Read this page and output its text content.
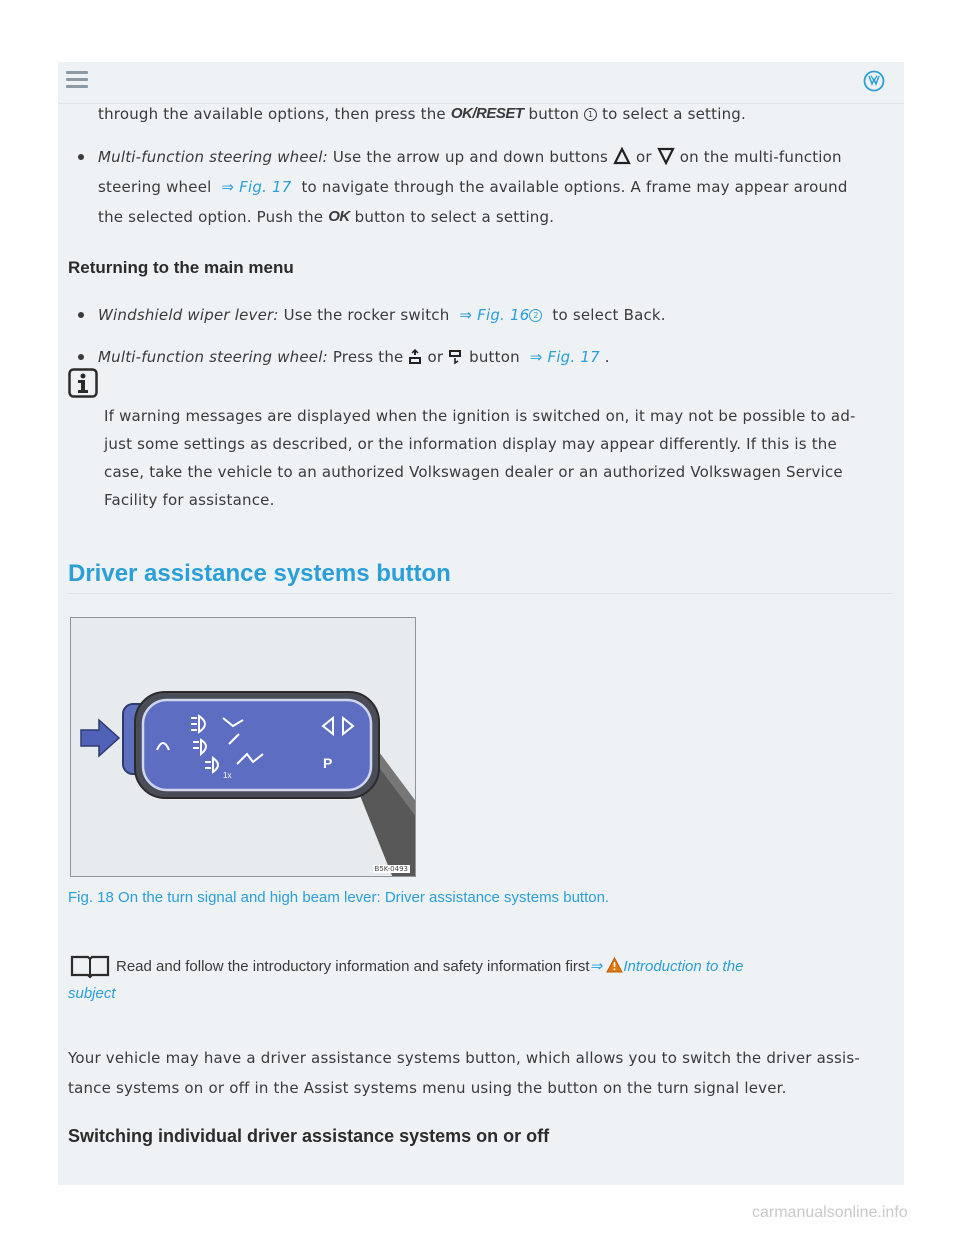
through the available options, then press the OK/RESET button 1 to select a setting.
Multi-function steering wheel: Use the arrow up and down buttons or on the multi-function
steering wheel ⇒ Fig. 17 to navigate through the available options. A frame may appear around
the selected option. Push the OK button to select a setting.
Returning to the main menu
Windshield wiper lever: Use the rocker switch ⇒ Fig. 16 2 to select Back.
Multi-function steering wheel: Press the or button ⇒ Fig. 17 .
If warning messages are displayed when the ignition is switched on, it may not be possible to ad-
just some settings as described, or the information display may appear differently. If this is the
case, take the vehicle to an authorized Volkswagen dealer or an authorized Volkswagen Service
Facility for assistance.
Driver assistance systems button
P
1x
B5K-0493
Fig. 18 On the turn signal and high beam lever: Driver assistance systems button.
Read and follow the introductory information and safety information first⇒ Introduction to the
subject
Your vehicle may have a driver assistance systems button, which allows you to switch the driver assis-
tance systems on or off in the Assist systems menu using the button on the turn signal lever.
Switching individual driver assistance systems on or off
carmanualsonline.info
